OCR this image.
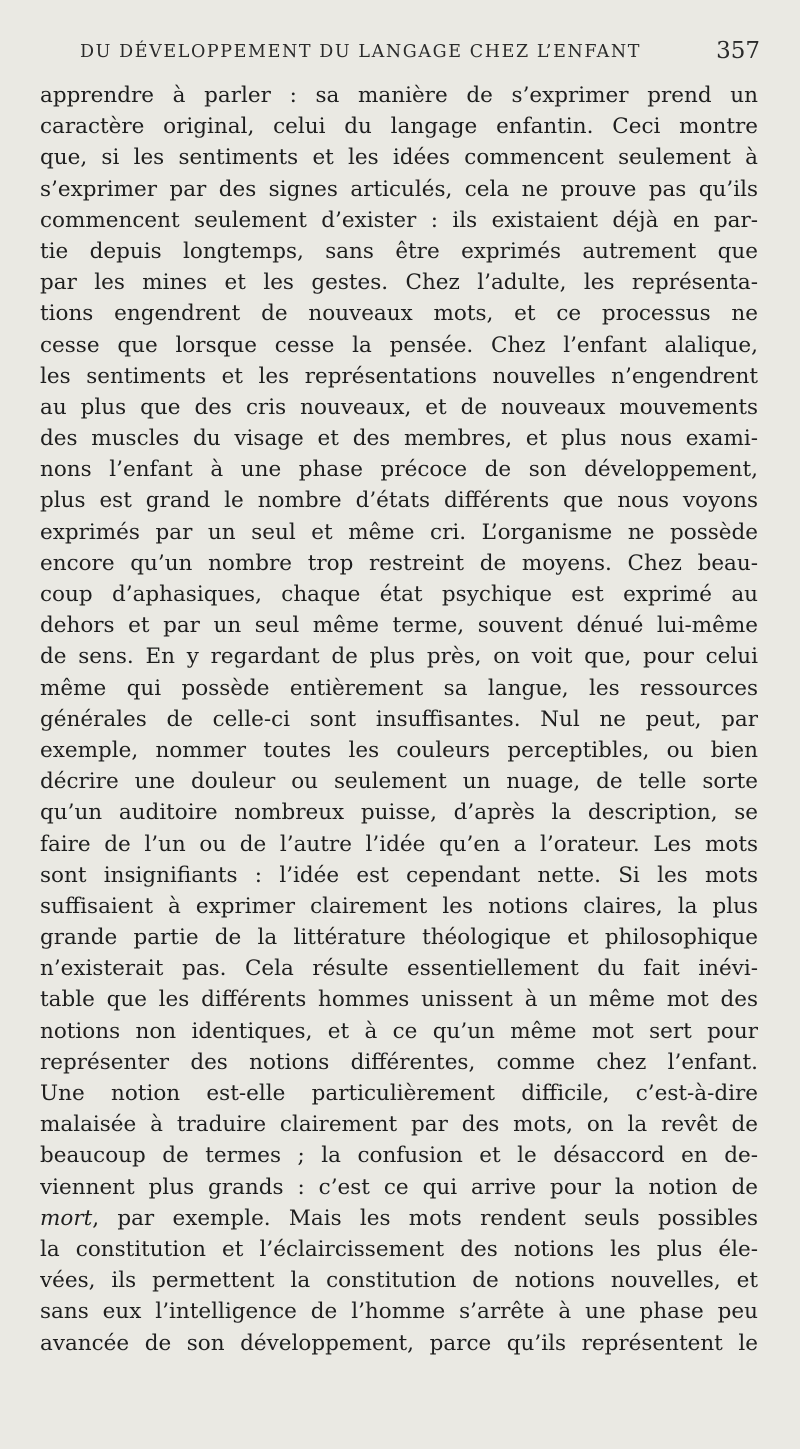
DU DÉVELOPPEMENT DU LANGAGE CHEZ L’ENFANT	357
apprendre à parler : sa manière de s’exprimer prend un
caractère original, celui du langage enfantin. Ceci montre
que, si les sentiments et les idées commencent seulement à
s’exprimer par des signes articulés, cela ne prouve pas qu’ils
commencent seulement d’exister : ils existaient déjà en par-
tie depuis longtemps, sans être exprimés autrement que
par les mines et les gestes. Chez l’adulte, les représenta-
tions engendrent de nouveaux mots, et ce processus ne
cesse que lorsque cesse la pensée. Chez l’enfant alalique,
les sentiments et les représentations nouvelles n’engendrent
au plus que des cris nouveaux, et de nouveaux mouvements
des muscles du visage et des membres, et plus nous exami-
nons l’enfant à une phase précoce de son développement,
plus est grand le nombre d’états différents que nous voyons
exprimés par un seul et même cri. L’organisme ne possède
encore qu’un nombre trop restreint de moyens. Chez beau-
coup d’aphasiques, chaque état psychique est exprimé au
dehors et par un seul même terme, souvent dénué lui-même
de sens. En y regardant de plus près, on voit que, pour celui
même qui possède entièrement sa langue, les ressources
générales de celle-ci sont insuffisantes. Nul ne peut, par
exemple, nommer toutes les couleurs perceptibles, ou bien
décrire une douleur ou seulement un nuage, de telle sorte
qu’un auditoire nombreux puisse, d’après la description, se
faire de l’un ou de l’autre l’idée qu’en a l’orateur. Les mots
sont insignifiants : l’idée est cependant nette. Si les mots
suffisaient à exprimer clairement les notions claires, la plus
grande partie de la littérature théologique et philosophique
n’existerait pas. Cela résulte essentiellement du fait inévi-
table que les différents hommes unissent à un même mot des
notions non identiques, et à ce qu’un même mot sert pour
représenter des notions différentes, comme chez l’enfant.
Une notion est-elle particulièrement difficile, c’est-à-dire
malaisée à traduire clairement par des mots, on la revêt de
beaucoup de termes ; la confusion et le désaccord en de-
viennent plus grands : c’est ce qui arrive pour la notion de
mort, par exemple. Mais les mots rendent seuls possibles
la constitution et l’éclaircissement des notions les plus éle-
vées, ils permettent la constitution de notions nouvelles, et
sans eux l’intelligence de l’homme s’arrête à une phase peu
avancée de son développement, parce qu’ils représentent le
